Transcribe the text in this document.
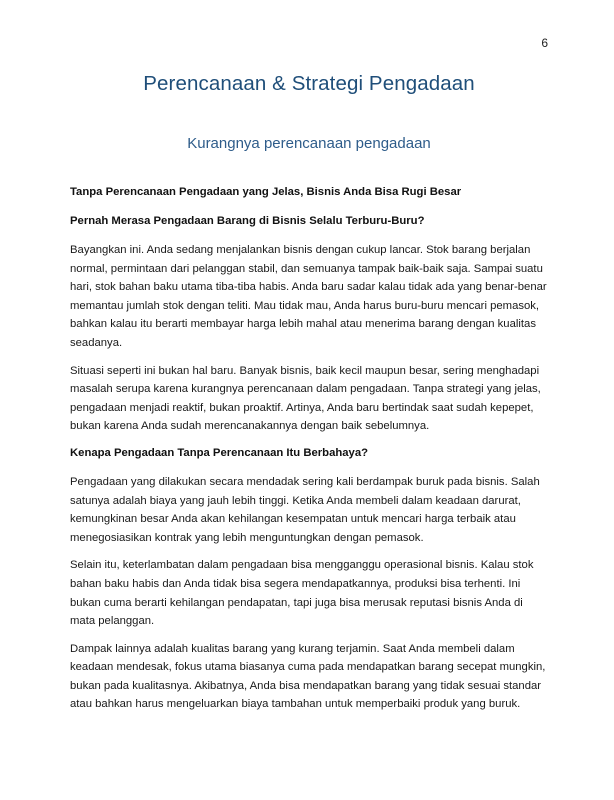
6
Perencanaan & Strategi Pengadaan
Kurangnya perencanaan pengadaan

Tanpa Perencanaan Pengadaan yang Jelas, Bisnis Anda Bisa Rugi Besar

Pernah Merasa Pengadaan Barang di Bisnis Selalu Terburu-Buru?

Bayangkan ini. Anda sedang menjalankan bisnis dengan cukup lancar. Stok barang berjalan normal, permintaan dari pelanggan stabil, dan semuanya tampak baik-baik saja. Sampai suatu hari, stok bahan baku utama tiba-tiba habis. Anda baru sadar kalau tidak ada yang benar-benar memantau jumlah stok dengan teliti. Mau tidak mau, Anda harus buru-buru mencari pemasok, bahkan kalau itu berarti membayar harga lebih mahal atau menerima barang dengan kualitas seadanya.

Situasi seperti ini bukan hal baru. Banyak bisnis, baik kecil maupun besar, sering menghadapi masalah serupa karena kurangnya perencanaan dalam pengadaan. Tanpa strategi yang jelas, pengadaan menjadi reaktif, bukan proaktif. Artinya, Anda baru bertindak saat sudah kepepet, bukan karena Anda sudah merencanakannya dengan baik sebelumnya.

Kenapa Pengadaan Tanpa Perencanaan Itu Berbahaya?

Pengadaan yang dilakukan secara mendadak sering kali berdampak buruk pada bisnis. Salah satunya adalah biaya yang jauh lebih tinggi. Ketika Anda membeli dalam keadaan darurat, kemungkinan besar Anda akan kehilangan kesempatan untuk mencari harga terbaik atau menegosiasikan kontrak yang lebih menguntungkan dengan pemasok.

Selain itu, keterlambatan dalam pengadaan bisa mengganggu operasional bisnis. Kalau stok bahan baku habis dan Anda tidak bisa segera mendapatkannya, produksi bisa terhenti. Ini bukan cuma berarti kehilangan pendapatan, tapi juga bisa merusak reputasi bisnis Anda di mata pelanggan.

Dampak lainnya adalah kualitas barang yang kurang terjamin. Saat Anda membeli dalam keadaan mendesak, fokus utama biasanya cuma pada mendapatkan barang secepat mungkin, bukan pada kualitasnya. Akibatnya, Anda bisa mendapatkan barang yang tidak sesuai standar atau bahkan harus mengeluarkan biaya tambahan untuk memperbaiki produk yang buruk.
